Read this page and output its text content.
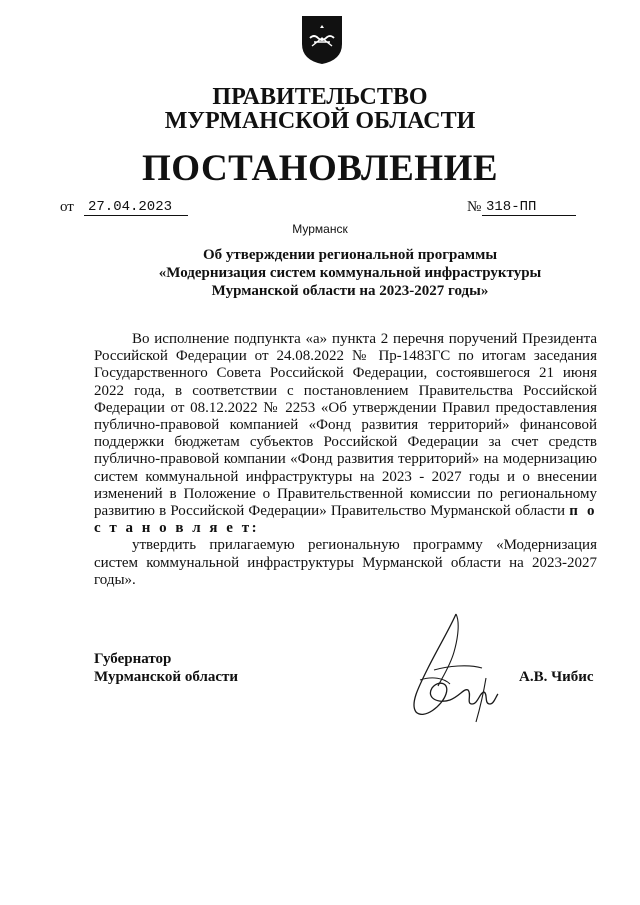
ПРАВИТЕЛЬСТВО
МУРМАНСКОЙ ОБЛАСТИ
ПОСТАНОВЛЕНИЕ
от 27.04.2023	№ 318-ПП
Мурманск
Об утверждении региональной программы
«Модернизация систем коммунальной инфраструктуры
Мурманской области на 2023-2027 годы»

Во исполнение подпункта «а» пункта 2 перечня поручений Президента Российской Федерации от 24.08.2022 № Пр-1483ГС по итогам заседания Государственного Совета Российской Федерации, состоявшегося 21 июня 2022 года, в соответствии с постановлением Правительства Российской Федерации от 08.12.2022 № 2253 «Об утверждении Правил предоставления публично-правовой компанией «Фонд развития территорий» финансовой поддержки бюджетам субъектов Российской Федерации за счет средств публично-правовой компании «Фонд развития территорий» на модернизацию систем коммунальной инфраструктуры на 2023 - 2027 годы и о внесении изменений в Положение о Правительственной комиссии по региональному развитию в Российской Федерации» Правительство Мурманской области п о с т а н о в л я е т:

утвердить прилагаемую региональную программу «Модернизация систем коммунальной инфраструктуры Мурманской области на 2023-2027 годы».

Губернатор
Мурманской области	А.В. Чибис
